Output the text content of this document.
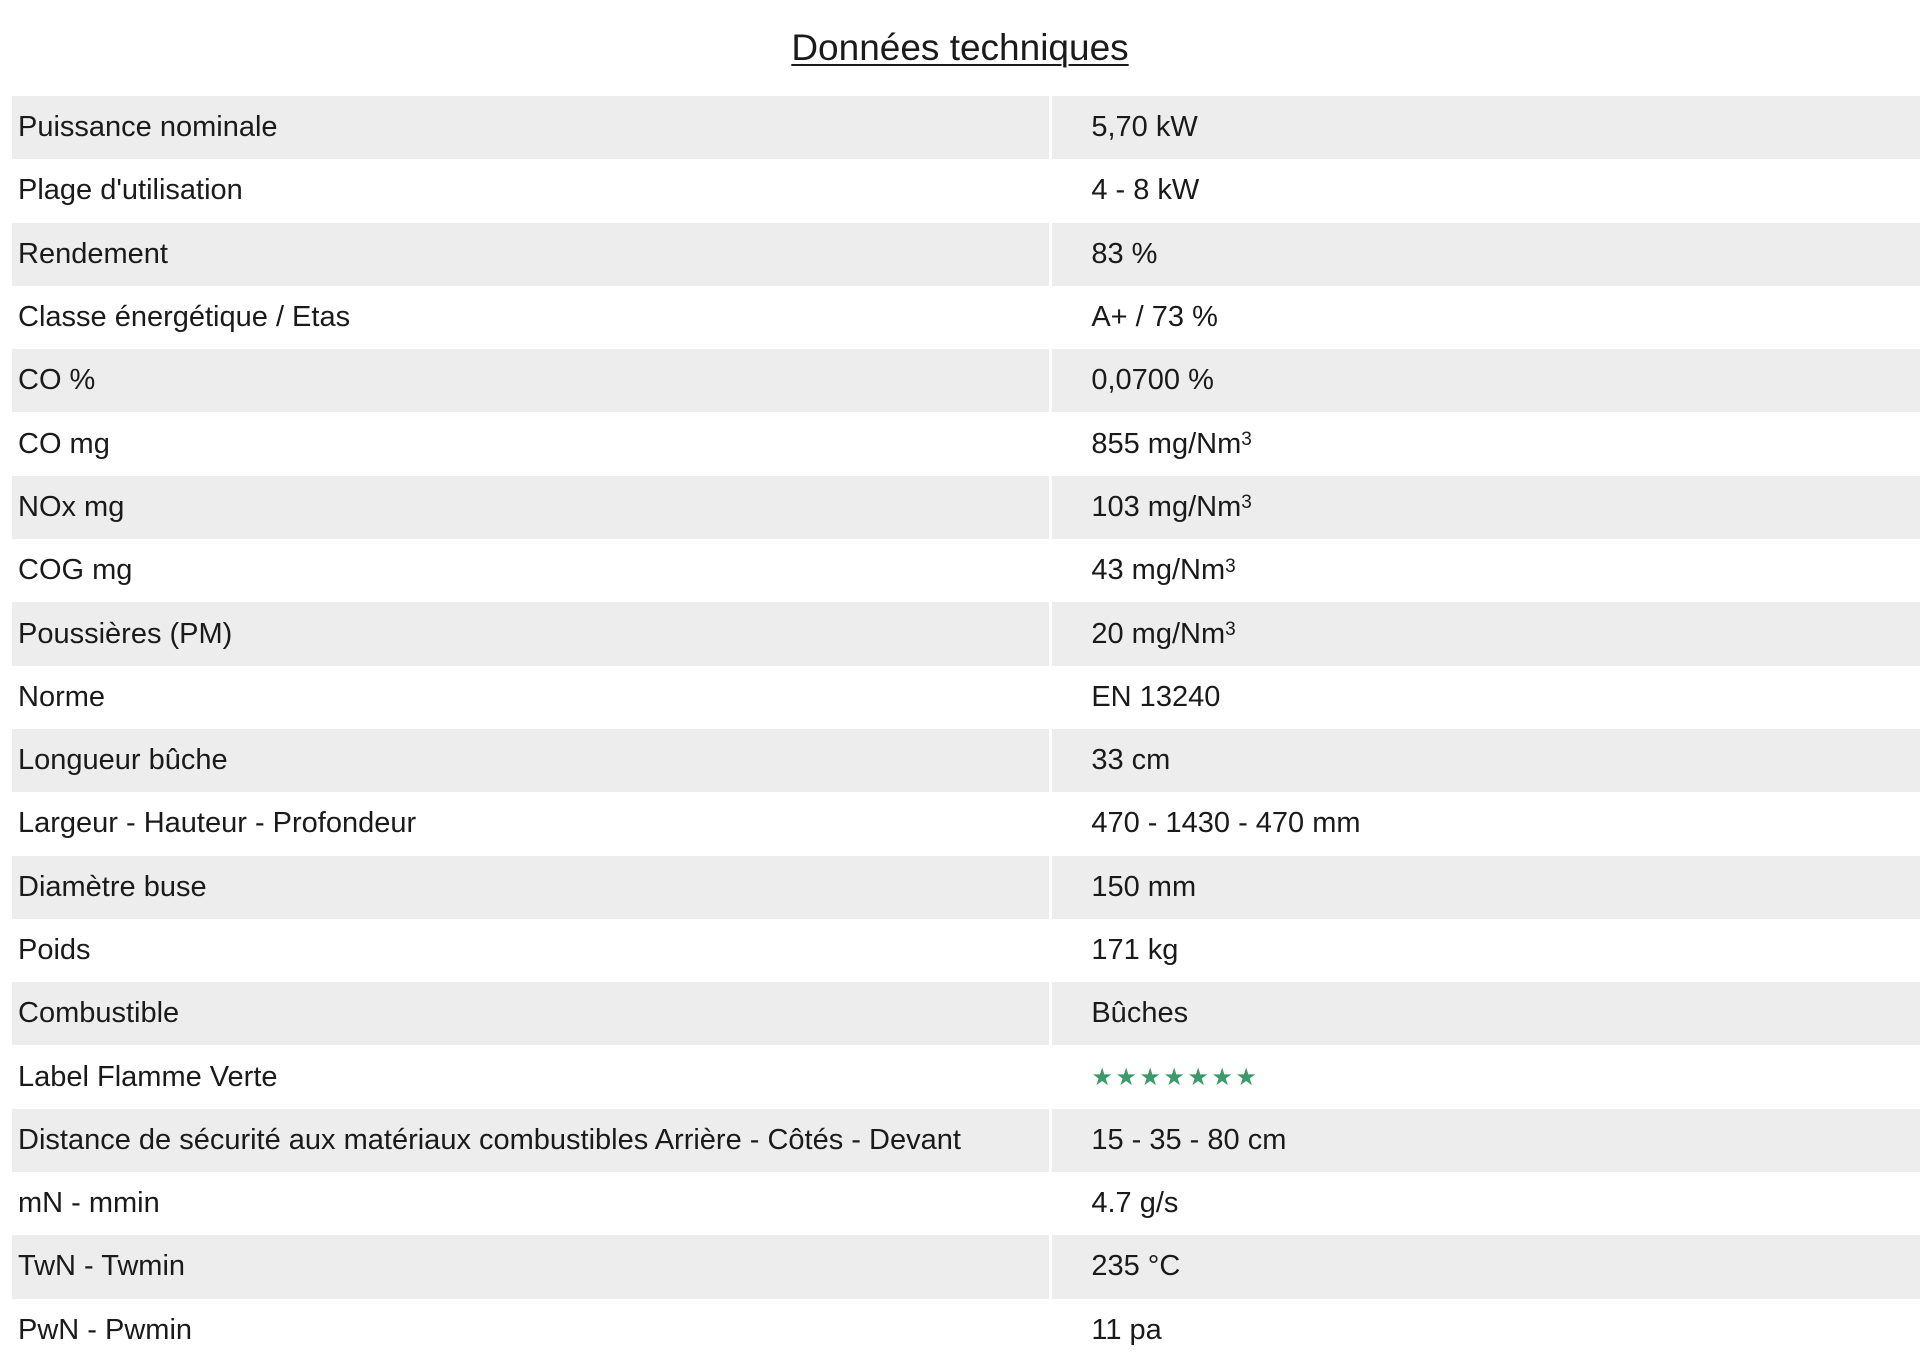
Données techniques
Puissance nominale	5,70 kW
Plage d'utilisation	4 - 8 kW
Rendement	83 %
Classe énergétique / Etas	A+ / 73 %
CO %	0,0700 %
CO mg	855 mg/Nm$^3$
NOx mg	103 mg/Nm$^3$
COG mg	43 mg/Nm$^3$
Poussières (PM)	20 mg/Nm$^3$
Norme	EN 13240
Longueur bûche	33 cm
Largeur - Hauteur - Profondeur	470 - 1430 - 470 mm
Diamètre buse	150 mm
Poids	171 kg
Combustible	Bûches
Label Flamme Verte	★ ★ ★ ★ ★ ★ ★
Distance de sécurité aux matériaux combustibles Arrière - Côtés - Devant	15 - 35 - 80 cm
mN - mmin	4.7 g/s
TwN - Twmin	235 °C
PwN - Pwmin	11 pa
